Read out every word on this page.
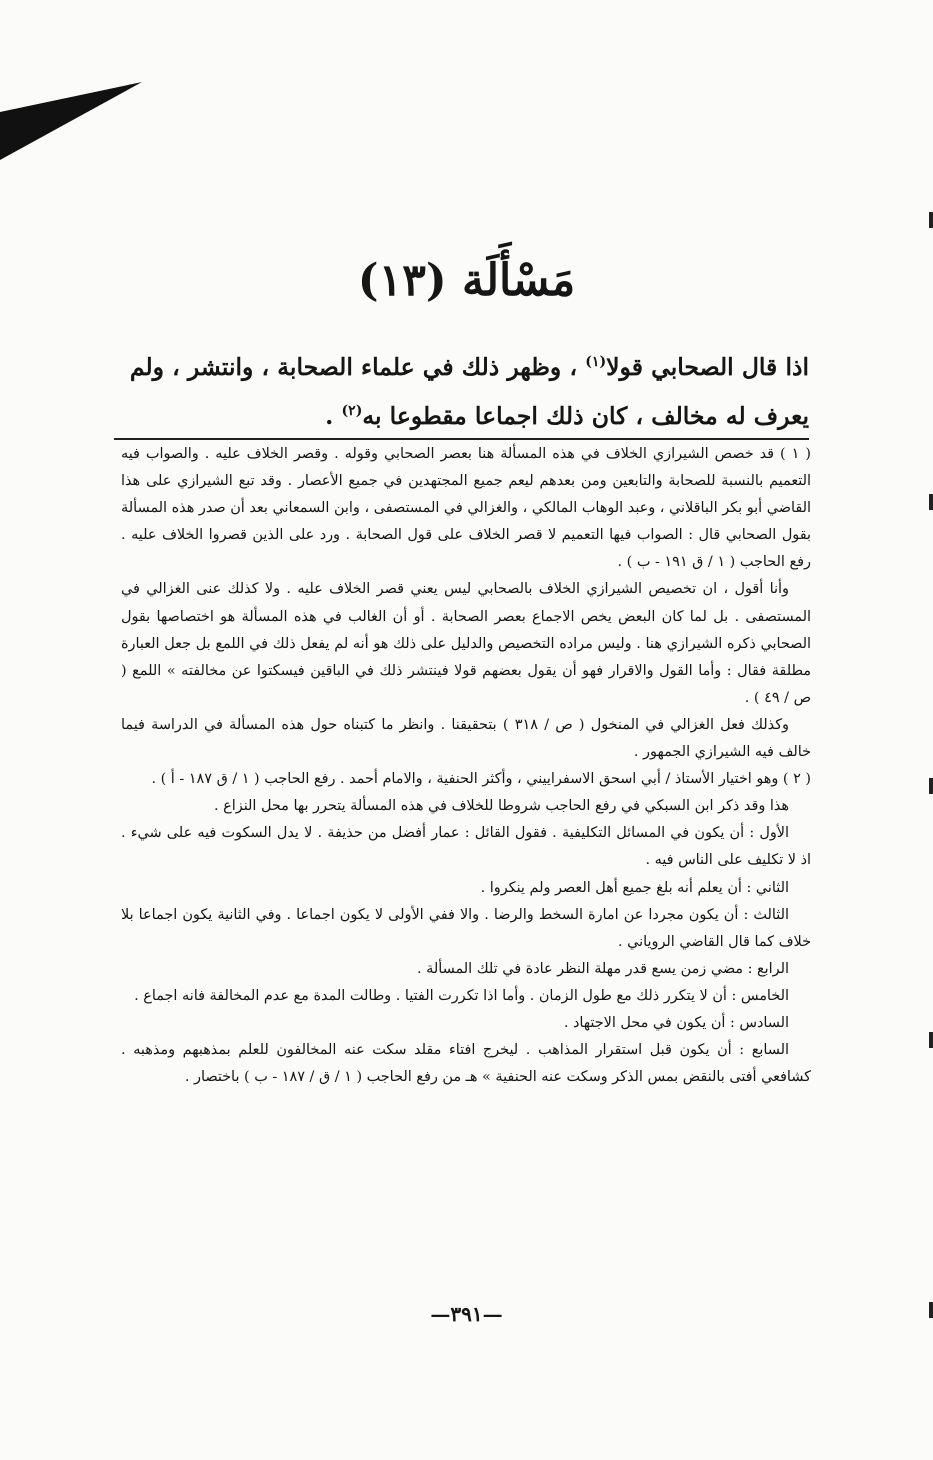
مَسْأَلَة (١٣)
اذا قال الصحابي قولا$^{(١)}$ ، وظهر ذلك في علماء الصحابة ، وانتشر ، ولم يعرف له مخالف ، كان ذلك اجماعا مقطوعا به$^{(٢)}$ .

( ١ ) قد خصص الشيرازي الخلاف في هذه المسألة هنا بعصر الصحابي وقوله . وقصر الخلاف عليه . والصواب فيه التعميم بالنسبة للصحابة والتابعين ومن بعدهم ليعم جميع المجتهدين في جميع الأعصار . وقد تبع الشيرازي على هذا القاضي أبو بكر الباقلاني ، وعبد الوهاب المالكي ، والغزالي في المستصفى ، وابن السمعاني بعد أن صدر هذه المسألة بقول الصحابي قال : الصواب فيها التعميم لا قصر الخلاف على قول الصحابة . ورد على الذين قصروا الخلاف عليه . رفع الحاجب ( ١ / ق ١٩١ - ب ) .

وأنا أقول ، ان تخصيص الشيرازي الخلاف بالصحابي ليس يعني قصر الخلاف عليه . ولا كذلك عنى الغزالي في المستصفى . بل لما كان البعض يخص الاجماع بعصر الصحابة . أو أن الغالب في هذه المسألة هو اختصاصها بقول الصحابي ذكره الشيرازي هنا . وليس مراده التخصيص والدليل على ذلك هو أنه لم يفعل ذلك في اللمع بل جعل العبارة مطلقة فقال : وأما القول والاقرار فهو أن يقول بعضهم قولا فينتشر ذلك في الباقين فيسكتوا عن مخالفته » اللمع ( ص / ٤٩ ) .

وكذلك فعل الغزالي في المنخول ( ص / ٣١٨ ) بتحقيقنا . وانظر ما كتبناه حول هذه المسألة في الدراسة فيما خالف فيه الشيرازي الجمهور .

( ٢ ) وهو اختيار الأستاذ / أبي اسحق الاسفراييني ، وأكثر الحنفية ، والامام أحمد . رفع الحاجب ( ١ / ق ١٨٧ - أ ) .

هذا وقد ذكر ابن السبكي في رفع الحاجب شروطا للخلاف في هذه المسألة يتحرر بها محل النزاع .

الأول : أن يكون في المسائل التكليفية . فقول القائل : عمار أفضل من حذيفة . لا يدل السكوت فيه على شيء . اذ لا تكليف على الناس فيه .

الثاني : أن يعلم أنه بلغ جميع أهل العصر ولم ينكروا .

الثالث : أن يكون مجردا عن امارة السخط والرضا . والا ففي الأولى لا يكون اجماعا . وفي الثانية يكون اجماعا بلا خلاف كما قال القاضي الروياني .

الرابع : مضي زمن يسع قدر مهلة النظر عادة في تلك المسألة .

الخامس : أن لا يتكرر ذلك مع طول الزمان . وأما اذا تكررت الفتيا . وطالت المدة مع عدم المخالفة فانه اجماع .

السادس : أن يكون في محل الاجتهاد .

السابع : أن يكون قبل استقرار المذاهب . ليخرج افتاء مقلد سكت عنه المخالفون للعلم بمذهبهم ومذهبه . كشافعي أفتى بالنقض بمس الذكر وسكت عنه الحنفية » هـ من رفع الحاجب ( ١ / ق / ١٨٧ - ب ) باختصار .

—٣٩١—
